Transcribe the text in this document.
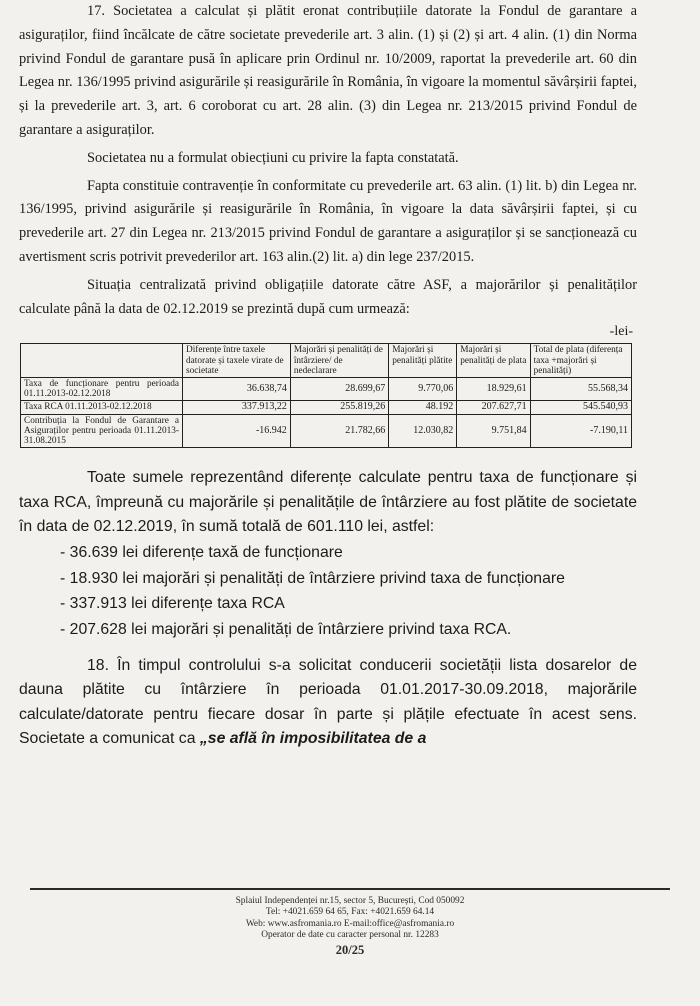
17. Societatea a calculat și plătit eronat contribuțiile datorate la Fondul de garantare a asiguraților, fiind încălcate de către societate prevederile art. 3 alin. (1) și (2) și art. 4 alin. (1) din Norma privind Fondul de garantare pusă în aplicare prin Ordinul nr. 10/2009, raportat la prevederile art. 60 din Legea nr. 136/1995 privind asigurările și reasigurările în România, în vigoare la momentul săvârșirii faptei, și la prevederile art. 3, art. 6 coroborat cu art. 28 alin. (3) din Legea nr. 213/2015 privind Fondul de garantare a asiguraților.

Societatea nu a formulat obiecțiuni cu privire la fapta constatată.

Fapta constituie contravenție în conformitate cu prevederile art. 63 alin. (1) lit. b) din Legea nr. 136/1995, privind asigurările și reasigurările în România, în vigoare la data săvârșirii faptei, și cu prevederile art. 27 din Legea nr. 213/2015 privind Fondul de garantare a asiguraților și se sancționează cu avertisment scris potrivit prevederilor art. 163 alin.(2) lit. a) din lege 237/2015.

Situația centralizată privind obligațiile datorate către ASF, a majorărilor și penalităților calculate până la data de 02.12.2019 se prezintă după cum urmează:

-lei-
	Diferențe între taxele datorate și taxele virate de societate	Majorări și penalități de întârziere/ de nedeclarare	Majorări și penalități plătite	Majorări și penalități de plata	Total de plata (diferența taxa +majorări și penalități)
Taxa de funcționare pentru perioada 01.11.2013-02.12.2018	36.638,74	28.699,67	9.770,06	18.929,61	55.568,34
Taxa RCA 01.11.2013-02.12.2018	337.913,22	255.819,26	48.192	207.627,71	545.540,93
Contribuția la Fondul de Garantare a Asiguraților pentru perioada 01.11.2013-31.08.2015	-16.942	21.782,66	12.030,82	9.751,84	-7.190,11

Toate sumele reprezentând diferențe calculate pentru taxa de funcționare și taxa RCA, împreună cu majorările și penalitățile de întârziere au fost plătite de societate în data de 02.12.2019, în sumă totală de 601.110 lei, astfel:

- 36.639 lei diferențe taxă de funcționare
- 18.930 lei majorări și penalități de întârziere privind taxa de funcționare
- 337.913 lei diferențe taxa RCA
- 207.628 lei majorări și penalități de întârziere privind taxa RCA.

18. În timpul controlului s-a solicitat conducerii societății lista dosarelor de dauna plătite cu întârziere în perioada 01.01.2017-30.09.2018, majorările calculate/datorate pentru fiecare dosar în parte și plățile efectuate în acest sens. Societate a comunicat ca „se află în imposibilitatea de a

Splaiul Independenței nr.15, sector 5, București, Cod 050092
Tel: +4021.659 64 65, Fax: +4021.659 64.14
Web: www.asfromania.ro E-mail:office@asfromania.ro
Operator de date cu caracter personal nr. 12283
20/25
